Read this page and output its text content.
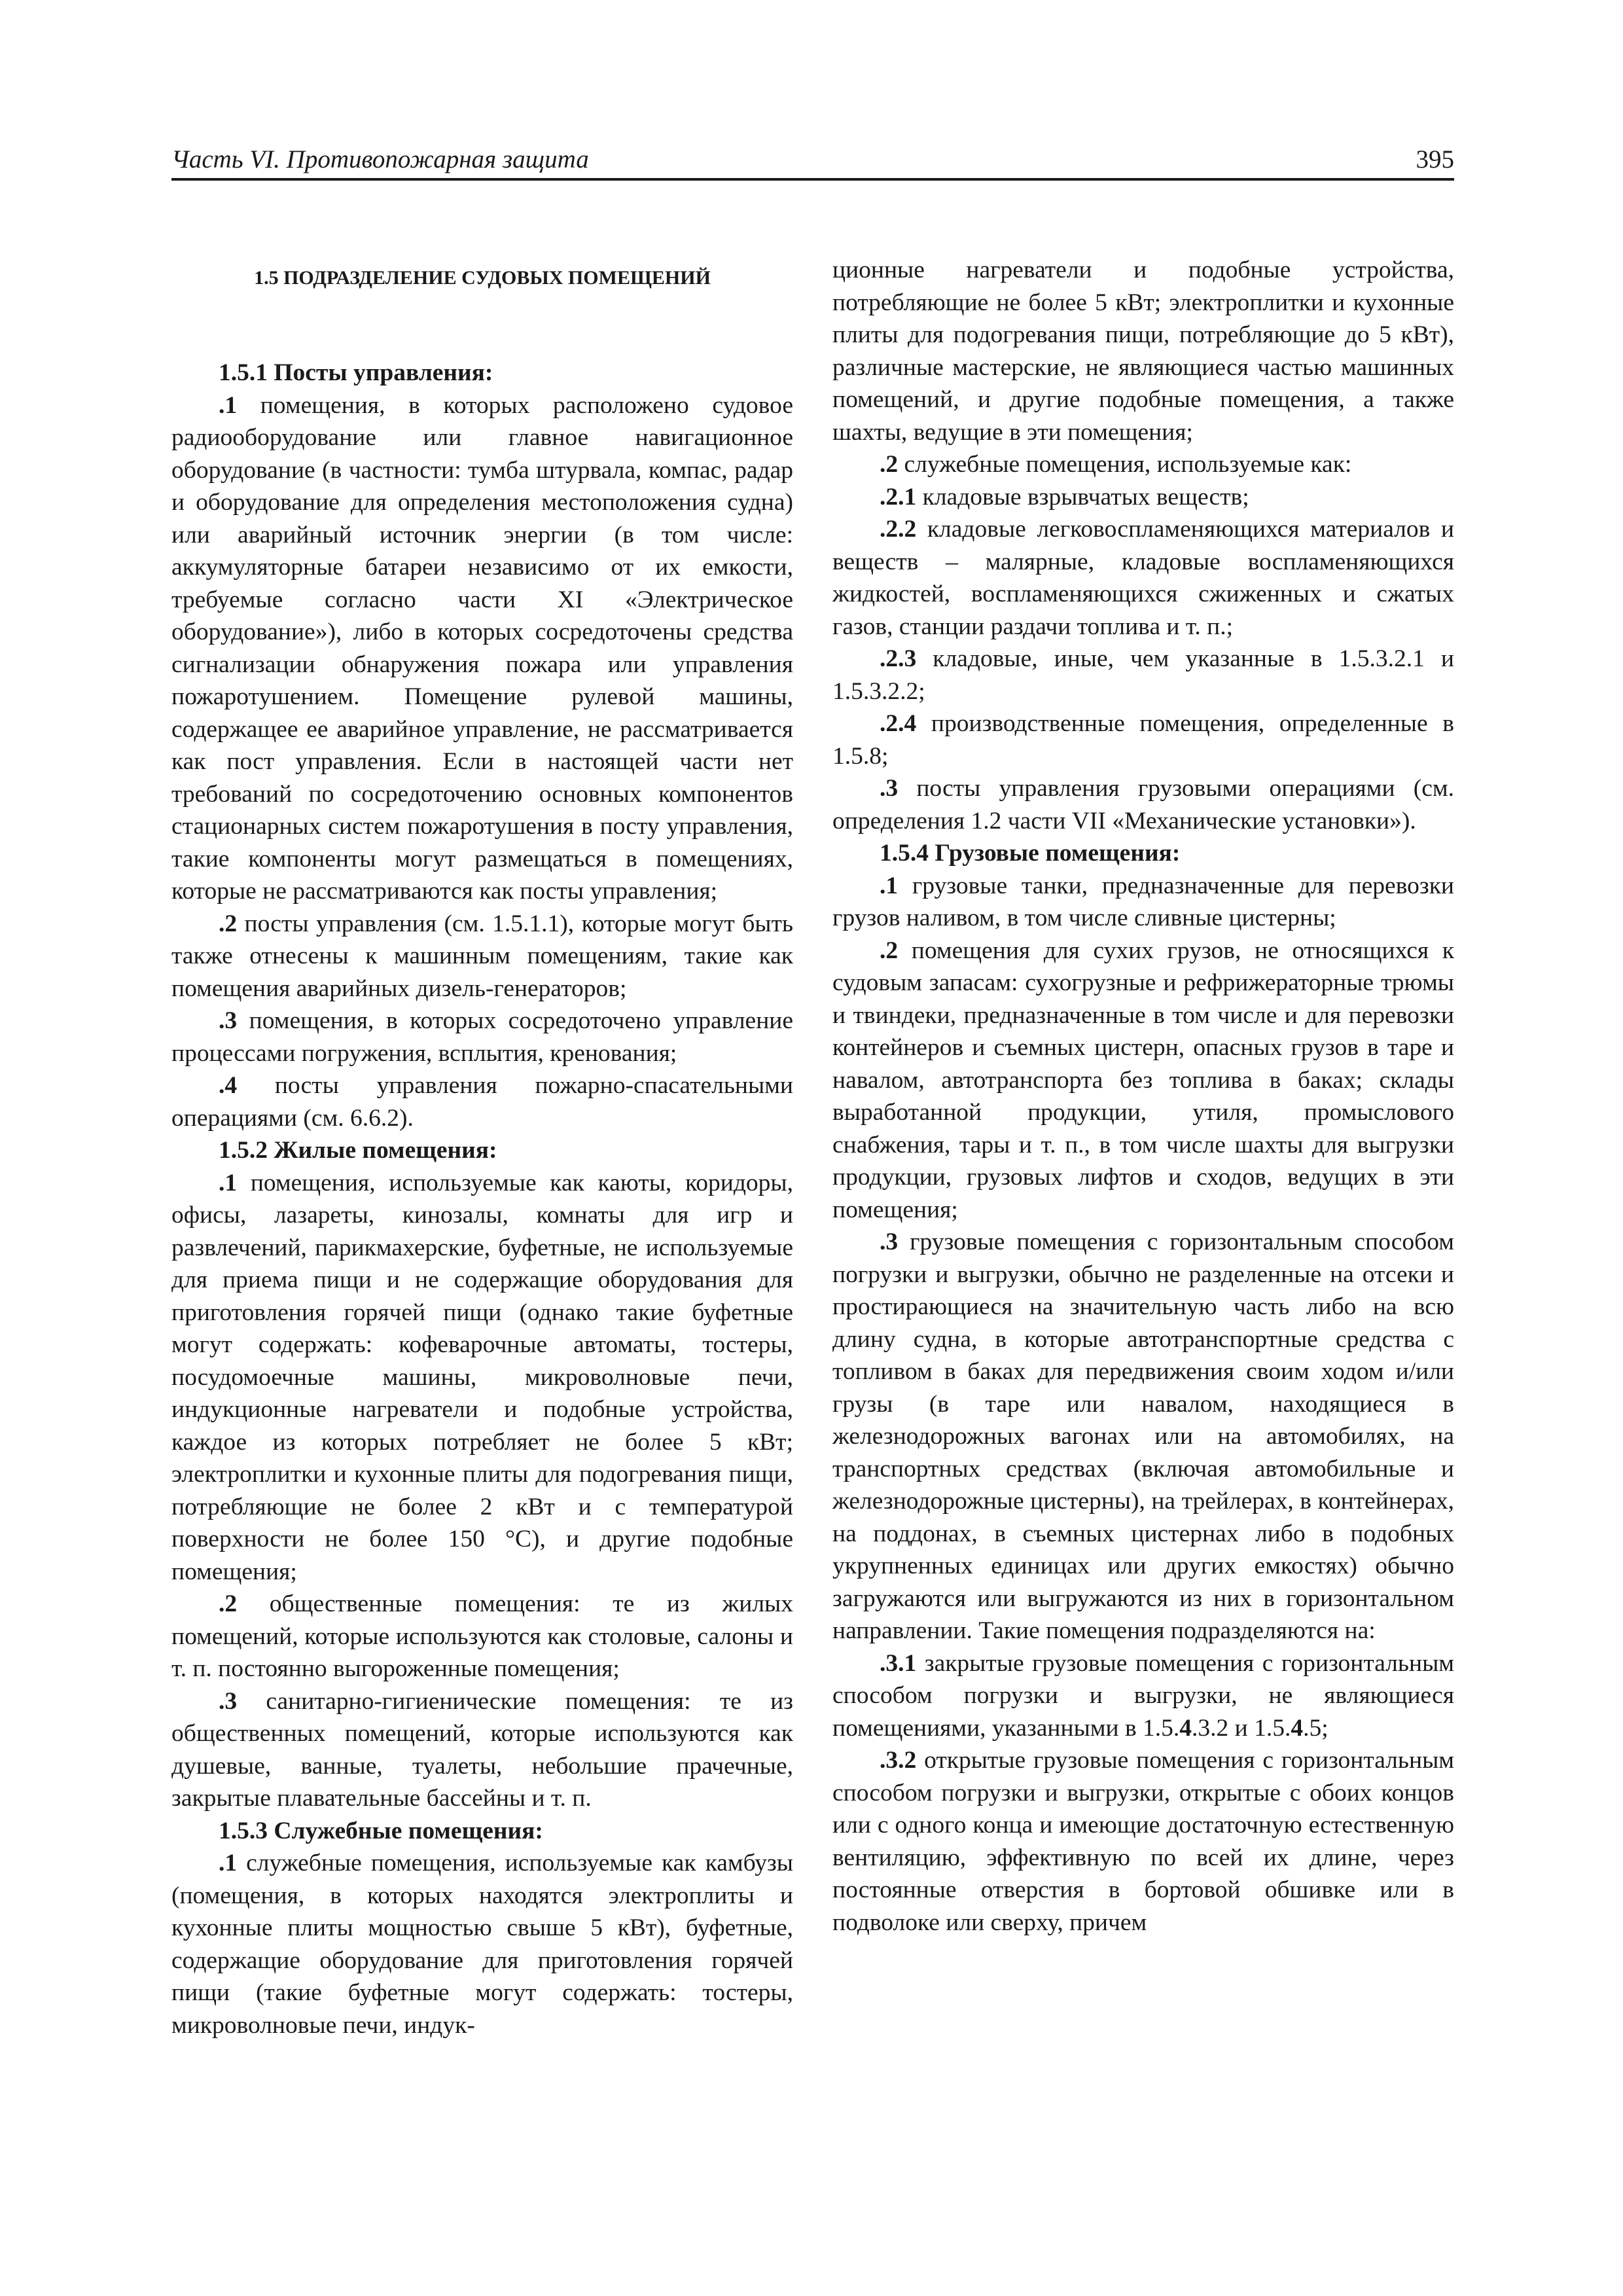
Часть VI. Противопожарная защита	395

1.5 ПОДРАЗДЕЛЕНИЕ СУДОВЫХ ПОМЕЩЕНИЙ

1.5.1 Посты управления:

.1 помещения, в которых расположено судовое радиооборудование или главное навигационное оборудование (в частности: тумба штурвала, компас, радар и оборудование для определения местоположения судна) или аварийный источник энергии (в том числе: аккумуляторные батареи независимо от их емкости, требуемые согласно части XI «Электрическое оборудование»), либо в которых сосредоточены средства сигнализации обнаружения пожара или управления пожаротушением. Помещение рулевой машины, содержащее ее аварийное управление, не рассматривается как пост управления. Если в настоящей части нет требований по сосредоточению основных компонентов стационарных систем пожаротушения в посту управления, такие компоненты могут размещаться в помещениях, которые не рассматриваются как посты управления;

.2 посты управления (см. 1.5.1.1), которые могут быть также отнесены к машинным помещениям, такие как помещения аварийных дизель-генераторов;

.3 помещения, в которых сосредоточено управление процессами погружения, всплытия, кренования;

.4 посты управления пожарно-спасательными операциями (см. 6.6.2).

1.5.2 Жилые помещения:

.1 помещения, используемые как каюты, коридоры, офисы, лазареты, кинозалы, комнаты для игр и развлечений, парикмахерские, буфетные, не используемые для приема пищи и не содержащие оборудования для приготовления горячей пищи (однако такие буфетные могут содержать: кофеварочные автоматы, тостеры, посудомоечные машины, микроволновые печи, индукционные нагреватели и подобные устройства, каждое из которых потребляет не более 5 кВт; электроплитки и кухонные плиты для подогревания пищи, потребляющие не более 2 кВт и с температурой поверхности не более 150 °С), и другие подобные помещения;

.2 общественные помещения: те из жилых помещений, которые используются как столовые, салоны и т. п. постоянно выгороженные помещения;

.3 санитарно-гигиенические помещения: те из общественных помещений, которые используются как душевые, ванные, туалеты, небольшие прачечные, закрытые плавательные бассейны и т. п.

1.5.3 Служебные помещения:

.1 служебные помещения, используемые как камбузы (помещения, в которых находятся электроплиты и кухонные плиты мощностью свыше 5 кВт), буфетные, содержащие оборудование для приготовления горячей пищи (такие буфетные могут содержать: тостеры, микроволновые печи, индук-

ционные нагреватели и подобные устройства, потребляющие не более 5 кВт; электроплитки и кухонные плиты для подогревания пищи, потребляющие до 5 кВт), различные мастерские, не являющиеся частью машинных помещений, и другие подобные помещения, а также шахты, ведущие в эти помещения;

.2 служебные помещения, используемые как:

.2.1 кладовые взрывчатых веществ;

.2.2 кладовые легковоспламеняющихся материалов и веществ – малярные, кладовые воспламеняющихся жидкостей, воспламеняющихся сжиженных и сжатых газов, станции раздачи топлива и т. п.;

.2.3 кладовые, иные, чем указанные в 1.5.3.2.1 и 1.5.3.2.2;

.2.4 производственные помещения, определенные в 1.5.8;

.3 посты управления грузовыми операциями (см. определения 1.2 части VII «Механические установки»).

1.5.4 Грузовые помещения:

.1 грузовые танки, предназначенные для перевозки грузов наливом, в том числе сливные цистерны;

.2 помещения для сухих грузов, не относящихся к судовым запасам: сухогрузные и рефрижераторные трюмы и твиндеки, предназначенные в том числе и для перевозки контейнеров и съемных цистерн, опасных грузов в таре и навалом, автотранспорта без топлива в баках; склады выработанной продукции, утиля, промыслового снабжения, тары и т. п., в том числе шахты для выгрузки продукции, грузовых лифтов и сходов, ведущих в эти помещения;

.3 грузовые помещения с горизонтальным способом погрузки и выгрузки, обычно не разделенные на отсеки и простирающиеся на значительную часть либо на всю длину судна, в которые автотранспортные средства с топливом в баках для передвижения своим ходом и/или грузы (в таре или навалом, находящиеся в железнодорожных вагонах или на автомобилях, на транспортных средствах (включая автомобильные и железнодорожные цистерны), на трейлерах, в контейнерах, на поддонах, в съемных цистернах либо в подобных укрупненных единицах или других емкостях) обычно загружаются или выгружаются из них в горизонтальном направлении. Такие помещения подразделяются на:

.3.1 закрытые грузовые помещения с горизонтальным способом погрузки и выгрузки, не являющиеся помещениями, указанными в 1.5.4.3.2 и 1.5.4.5;

.3.2 открытые грузовые помещения с горизонтальным способом погрузки и выгрузки, открытые с обоих концов или с одного конца и имеющие достаточную естественную вентиляцию, эффективную по всей их длине, через постоянные отверстия в бортовой обшивке или в подволоке или сверху, причем
